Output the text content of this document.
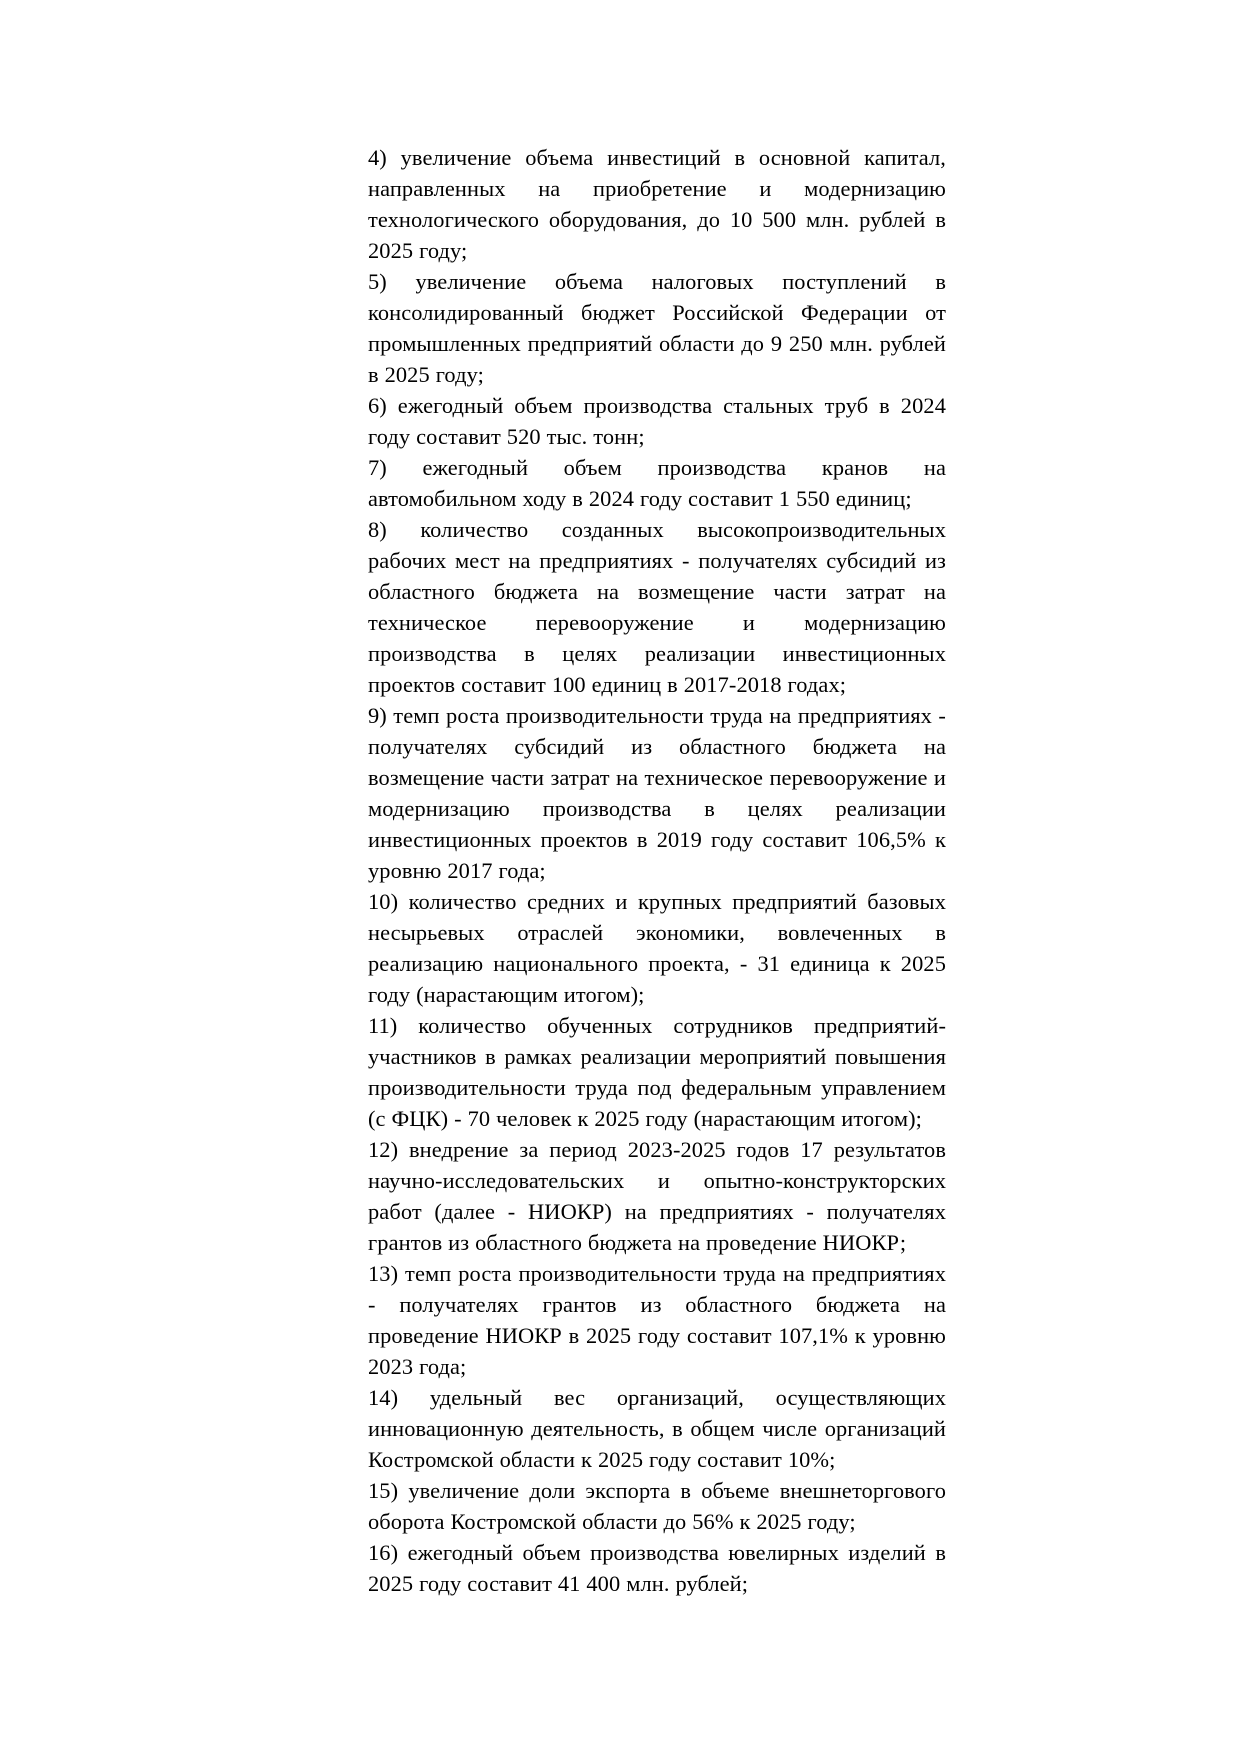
4) увеличение объема инвестиций в основной капитал, направленных на приобретение и модернизацию технологического оборудования, до 10 500 млн. рублей в 2025 году;

5) увеличение объема налоговых поступлений в консолидированный бюджет Российской Федерации от промышленных предприятий области до 9 250 млн. рублей в 2025 году;

6) ежегодный объем производства стальных труб в 2024 году составит 520 тыс. тонн;

7) ежегодный объем производства кранов на автомобильном ходу в 2024 году составит 1 550 единиц;

8) количество созданных высокопроизводительных рабочих мест на предприятиях - получателях субсидий из областного бюджета на возмещение части затрат на техническое перевооружение и модернизацию производства в целях реализации инвестиционных проектов составит 100 единиц в 2017-2018 годах;

9) темп роста производительности труда на предприятиях - получателях субсидий из областного бюджета на возмещение части затрат на техническое перевооружение и модернизацию производства в целях реализации инвестиционных проектов в 2019 году составит 106,5% к уровню 2017 года;

10) количество средних и крупных предприятий базовых несырьевых отраслей экономики, вовлеченных в реализацию национального проекта, - 31 единица к 2025 году (нарастающим итогом);

11) количество обученных сотрудников предприятий-участников в рамках реализации мероприятий повышения производительности труда под федеральным управлением (с ФЦК) - 70 человек к 2025 году (нарастающим итогом);

12) внедрение за период 2023-2025 годов 17 результатов научно-исследовательских и опытно-конструкторских работ (далее - НИОКР) на предприятиях - получателях грантов из областного бюджета на проведение НИОКР;

13) темп роста производительности труда на предприятиях - получателях грантов из областного бюджета на проведение НИОКР в 2025 году составит 107,1% к уровню 2023 года;

14) удельный вес организаций, осуществляющих инновационную деятельность, в общем числе организаций Костромской области к 2025 году составит 10%;

15) увеличение доли экспорта в объеме внешнеторгового оборота Костромской области до 56% к 2025 году;

16) ежегодный объем производства ювелирных изделий в 2025 году составит 41 400 млн. рублей;
